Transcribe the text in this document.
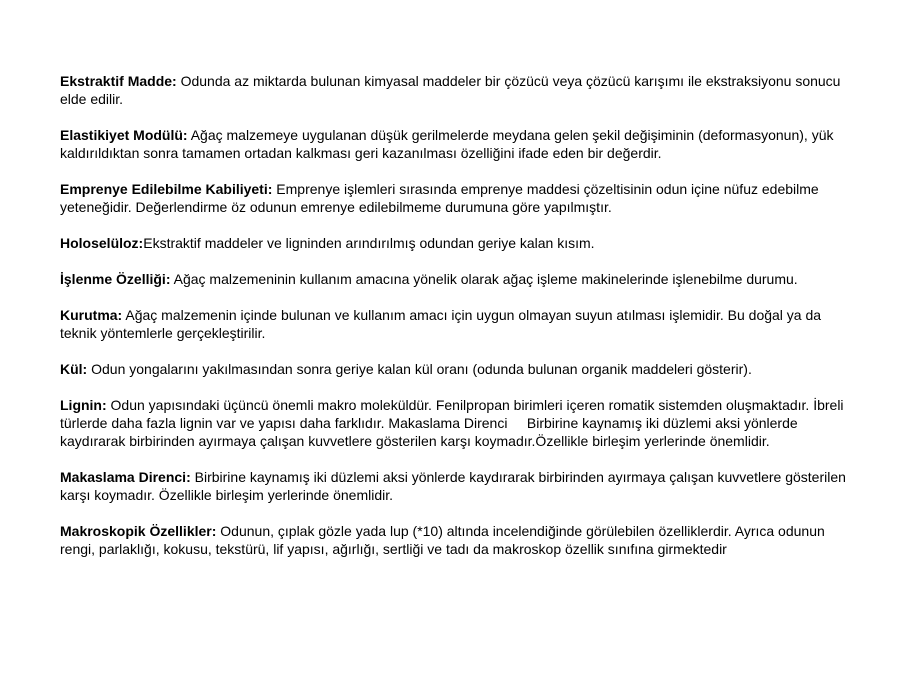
Ekstraktif Madde: Odunda az miktarda bulunan kimyasal maddeler bir çözücü veya çözücü karışımı ile ekstraksiyonu sonucu elde edilir.

Elastikiyet Modülü: Ağaç malzemeye uygulanan düşük gerilmelerde meydana gelen şekil değişiminin (deformasyonun), yük kaldırıldıktan sonra tamamen ortadan kalkması geri kazanılması özelliğini ifade eden bir değerdir.

Emprenye Edilebilme Kabiliyeti: Emprenye işlemleri sırasında emprenye maddesi çözeltisinin odun içine nüfuz edebilme yeteneğidir. Değerlendirme öz odunun emrenye edilebilmeme durumuna göre yapılmıştır.

Holoselüloz:Ekstraktif maddeler ve ligninden arındırılmış odundan geriye kalan kısım.

İşlenme Özelliği: Ağaç malzemeninin kullanım amacına yönelik olarak ağaç işleme makinelerinde işlenebilme durumu.

Kurutma: Ağaç malzemenin içinde bulunan ve kullanım amacı için uygun olmayan suyun atılması işlemidir. Bu doğal ya da teknik yöntemlerle gerçekleştirilir.

Kül: Odun yongalarını yakılmasından sonra geriye kalan kül oranı (odunda bulunan organik maddeleri gösterir).

Lignin: Odun yapısındaki üçüncü önemli makro moleküldür. Fenilpropan birimleri içeren romatik sistemden oluşmaktadır. İbreli türlerde daha fazla lignin var ve yapısı daha farklıdır. Makaslama Direnci     Birbirine kaynamış iki düzlemi aksi yönlerde kaydırarak birbirinden ayırmaya çalışan kuvvetlere gösterilen karşı koymadır.Özellikle birleşim yerlerinde önemlidir.

Makaslama Direnci: Birbirine kaynamış iki düzlemi aksi yönlerde kaydırarak birbirinden ayırmaya çalışan kuvvetlere gösterilen karşı koymadır. Özellikle birleşim yerlerinde önemlidir.

Makroskopik Özellikler: Odunun, çıplak gözle yada lup (*10) altında incelendiğinde görülebilen özelliklerdir. Ayrıca odunun rengi, parlaklığı, kokusu, tekstürü, lif yapısı, ağırlığı, sertliği ve tadı da makroskop özellik sınıfına girmektedir
